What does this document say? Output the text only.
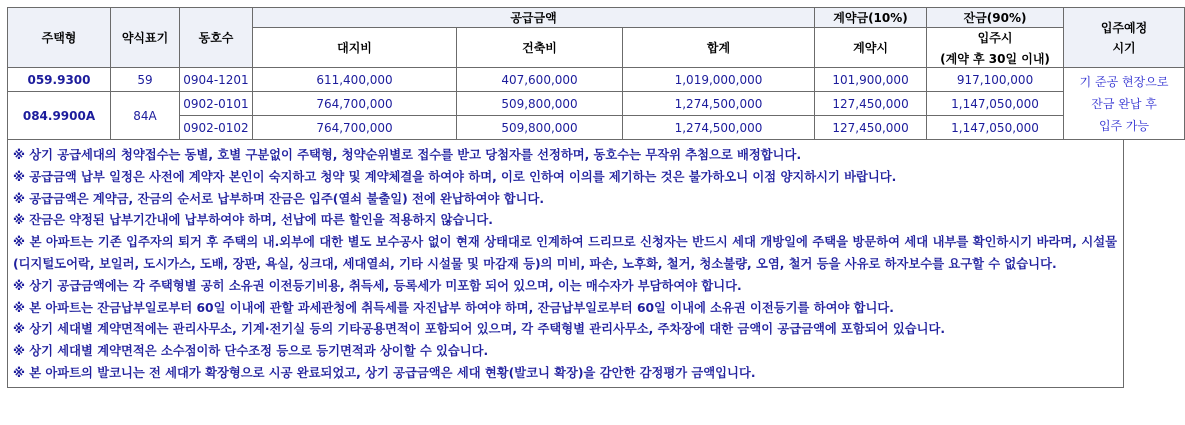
주택형	약식표기	동호수	공급금액			계약금(10%)	잔금(90%)	입주예정
시기

			대지비	건축비	합계	계약시	입주시
(계약 후 30일 이내)	

059.9300	59	0904-1201	611,400,000	407,600,000	1,019,000,000	101,900,000	917,100,000	기 준공 현장으로
잔금 완납 후
입주 가능

084.9900A	84A	0902-0101	764,700,000	509,800,000	1,274,500,000	127,450,000	1,147,050,000	
		0902-0102	764,700,000	509,800,000	1,274,500,000	127,450,000	1,147,050,000	
※ 상기 공급세대의 청약접수는 동별, 호별 구분없이 주택형, 청약순위별로 접수를 받고 당첨자를 선정하며, 동호수는 무작위 추첨으로 배정합니다.
※ 공급금액 납부 일정은 사전에 계약자 본인이 숙지하고 청약 및 계약체결을 하여야 하며, 이로 인하여 이의를 제기하는 것은 불가하오니 이점 양지하시기 바랍니다.
※ 공급금액은 계약금, 잔금의 순서로 납부하며 잔금은 입주(열쇠 불출일) 전에 완납하여야 합니다.
※ 잔금은 약정된 납부기간내에 납부하여야 하며, 선납에 따른 할인을 적용하지 않습니다.
※ 본 아파트는 기존 입주자의 퇴거 후 주택의 내.외부에 대한 별도 보수공사 없이 현재 상태대로 인계하여 드리므로 신청자는 반드시 세대 개방일에 주택을 방문하여 세대 내부를 확인하시기 바라며, 시설물(디지털도어락, 보일러, 도시가스, 도배, 장판, 욕실, 싱크대, 세대열쇠, 기타 시설물 및 마감재 등)의 미비, 파손, 노후화, 철거, 청소불량, 오염, 철거 등을 사유로 하자보수를 요구할 수 없습니다.
※ 상기 공급금액에는 각 주택형별 공히 소유권 이전등기비용, 취득세, 등록세가 미포함 되어 있으며, 이는 매수자가 부담하여야 합니다.
※ 본 아파트는 잔금납부일로부터 60일 이내에 관할 과세관청에 취득세를 자진납부 하여야 하며, 잔금납부일로부터 60일 이내에 소유권 이전등기를 하여야 합니다.
※ 상기 세대별 계약면적에는 관리사무소, 기계·전기실 등의 기타공용면적이 포함되어 있으며, 각 주택형별 관리사무소, 주차장에 대한 금액이 공급금액에 포함되어 있습니다.
※ 상기 세대별 계약면적은 소수점이하 단수조정 등으로 등기면적과 상이할 수 있습니다.
※ 본 아파트의 발코니는 전 세대가 확장형으로 시공 완료되었고, 상기 공급금액은 세대 현황(발코니 확장)을 감안한 감정평가 금액입니다.
